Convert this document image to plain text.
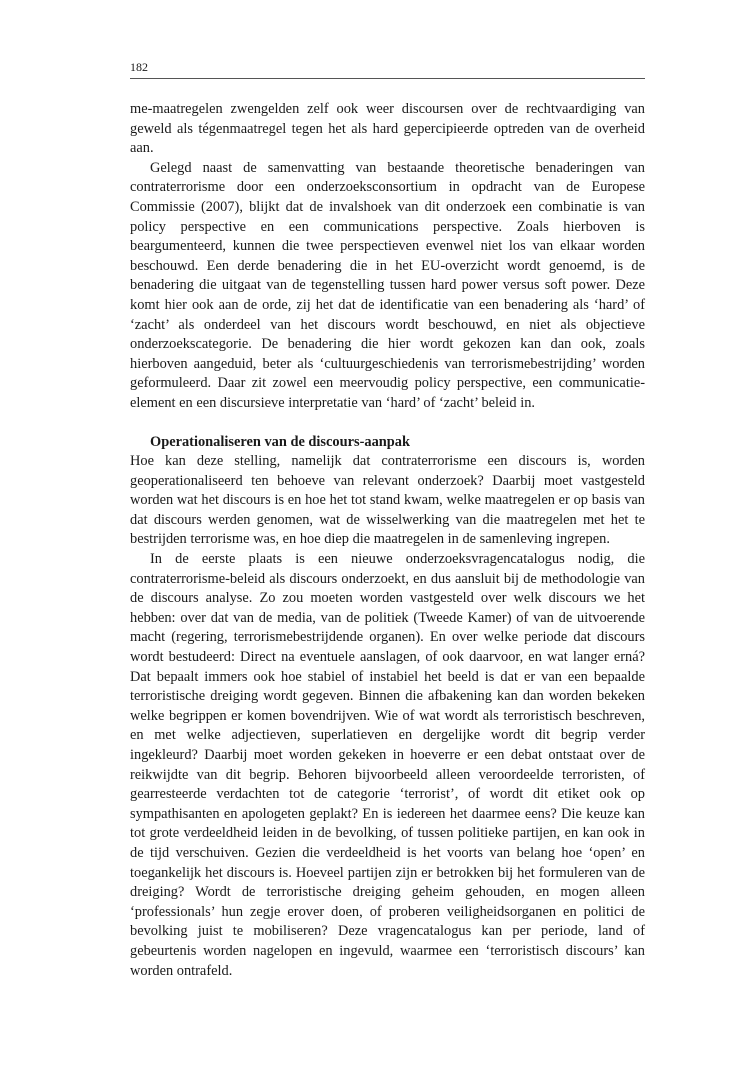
182

me-maatregelen zwengelden zelf ook weer discoursen over de rechtvaardiging van geweld als tégenmaatregel tegen het als hard gepercipieerde optreden van de overheid aan.

Gelegd naast de samenvatting van bestaande theoretische benaderingen van contraterrorisme door een onderzoeksconsortium in opdracht van de Europese Commissie (2007), blijkt dat de invalshoek van dit onderzoek een combinatie is van policy perspective en een communications perspective. Zoals hierboven is beargumenteerd, kunnen die twee perspectieven evenwel niet los van elkaar worden beschouwd. Een derde benadering die in het EU-overzicht wordt genoemd, is de benadering die uitgaat van de tegenstelling tussen hard power versus soft power. Deze komt hier ook aan de orde, zij het dat de identificatie van een benadering als ‘hard’ of ‘zacht’ als onderdeel van het discours wordt beschouwd, en niet als objectieve onderzoekscategorie. De benadering die hier wordt gekozen kan dan ook, zoals hierboven aangeduid, beter als ‘cultuurgeschiedenis van terrorismebestrijding’ worden geformuleerd. Daar zit zowel een meervoudig policy perspective, een communicatie-element en een discursieve interpretatie van ‘hard’ of ‘zacht’ beleid in.

Operationaliseren van de discours-aanpak

Hoe kan deze stelling, namelijk dat contraterrorisme een discours is, worden geoperationaliseerd ten behoeve van relevant onderzoek? Daarbij moet vastgesteld worden wat het discours is en hoe het tot stand kwam, welke maatregelen er op basis van dat discours werden genomen, wat de wisselwerking van die maatregelen met het te bestrijden terrorisme was, en hoe diep die maatregelen in de samenleving ingrepen.

In de eerste plaats is een nieuwe onderzoeksvragencatalogus nodig, die contraterrorisme-beleid als discours onderzoekt, en dus aansluit bij de methodologie van de discours analyse. Zo zou moeten worden vastgesteld over welk discours we het hebben: over dat van de media, van de politiek (Tweede Kamer) of van de uitvoerende macht (regering, terrorismebestrijdende organen). En over welke periode dat discours wordt bestudeerd: Direct na eventuele aanslagen, of ook daarvoor, en wat langer erná? Dat bepaalt immers ook hoe stabiel of instabiel het beeld is dat er van een bepaalde terroristische dreiging wordt gegeven. Binnen die afbakening kan dan worden bekeken welke begrippen er komen bovendrijven. Wie of wat wordt als terroristisch beschreven, en met welke adjectieven, superlatieven en dergelijke wordt dit begrip verder ingekleurd? Daarbij moet worden gekeken in hoeverre er een debat ontstaat over de reikwijdte van dit begrip. Behoren bijvoorbeeld alleen veroordeelde terroristen, of gearresteerde verdachten tot de categorie ‘terrorist’, of wordt dit etiket ook op sympathisanten en apologeten geplakt? En is iedereen het daarmee eens? Die keuze kan tot grote verdeeldheid leiden in de bevolking, of tussen politieke partijen, en kan ook in de tijd verschuiven. Gezien die verdeeldheid is het voorts van belang hoe ‘open’ en toegankelijk het discours is. Hoeveel partijen zijn er betrokken bij het formuleren van de dreiging? Wordt de terroristische dreiging geheim gehouden, en mogen alleen ‘professionals’ hun zegje erover doen, of proberen veiligheidsorganen en politici de bevolking juist te mobiliseren? Deze vragencatalogus kan per periode, land of gebeurtenis worden nagelopen en ingevuld, waarmee een ‘terroristisch discours’ kan worden ontrafeld.
